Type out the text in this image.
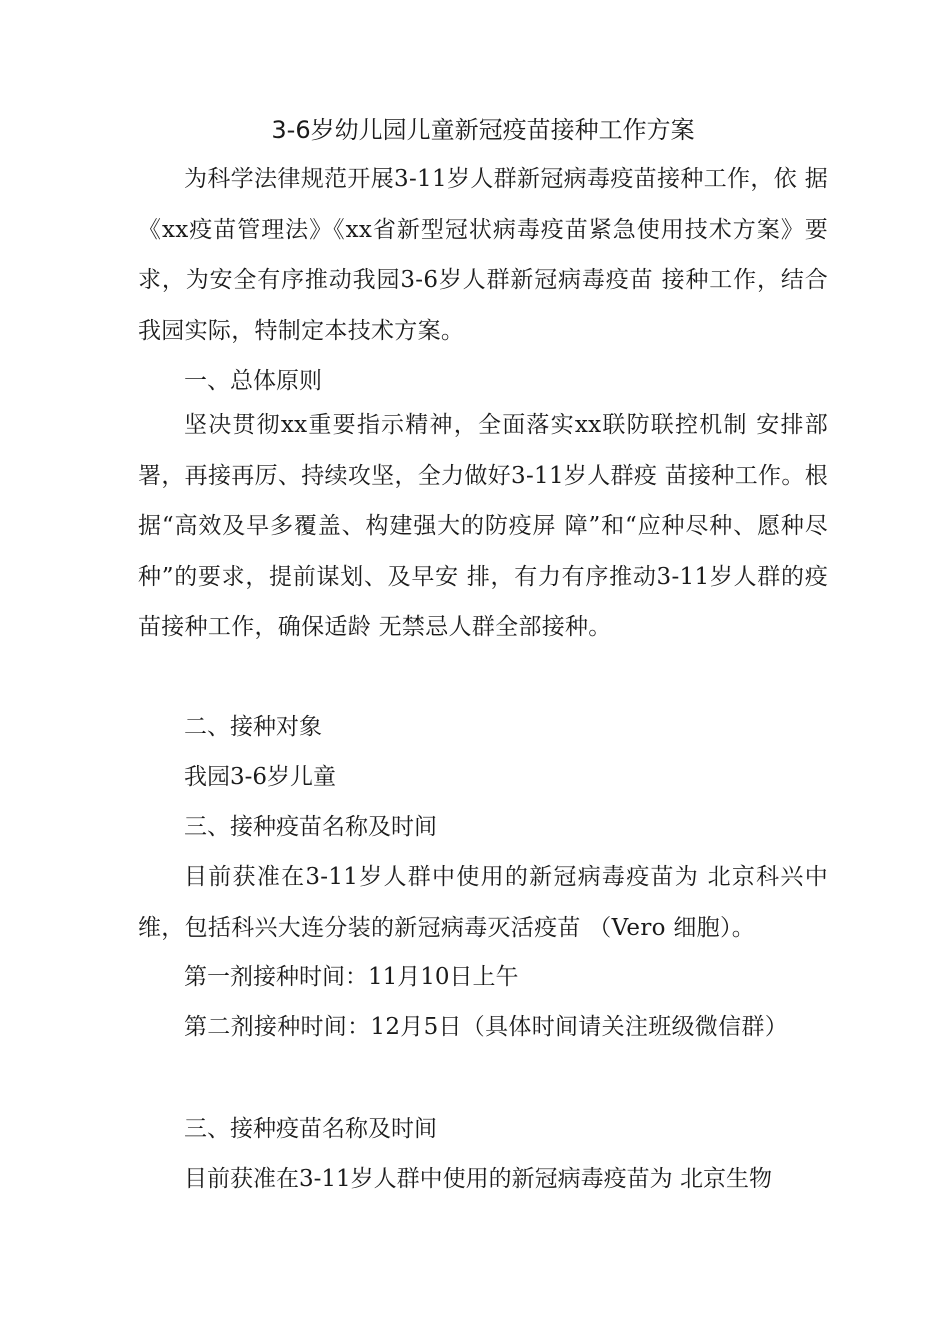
3-6岁幼儿园儿童新冠疫苗接种工作方案

为科学法律规范开展3-11岁人群新冠病毒疫苗接种工作，依 据《xx疫苗管理法》《xx省新型冠状病毒疫苗紧急使用技术方案》要求，为安全有序推动我园3-6岁人群新冠病毒疫苗 接种工作，结合我园实际，特制定本技术方案。

一、总体原则

坚决贯彻xx重要指示精神，全面落实xx联防联控机制 安排部署，再接再厉、持续攻坚，全力做好3-11岁人群疫 苗接种工作。根据“高效及早多覆盖、构建强大的防疫屏 障”和“应种尽种、愿种尽种”的要求，提前谋划、及早安 排，有力有序推动3-11岁人群的疫苗接种工作，确保适龄 无禁忌人群全部接种。

二、接种对象

我园3-6岁儿童

三、接种疫苗名称及时间

目前获准在3-11岁人群中使用的新冠病毒疫苗为 北京科兴中维，包括科兴大连分装的新冠病毒灭活疫苗 （Vero 细胞）。

第一剂接种时间：11月10日上午

第二剂接种时间：12月5日（具体时间请关注班级微信群）

三、接种疫苗名称及时间

目前获准在3-11岁人群中使用的新冠病毒疫苗为 北京生物
